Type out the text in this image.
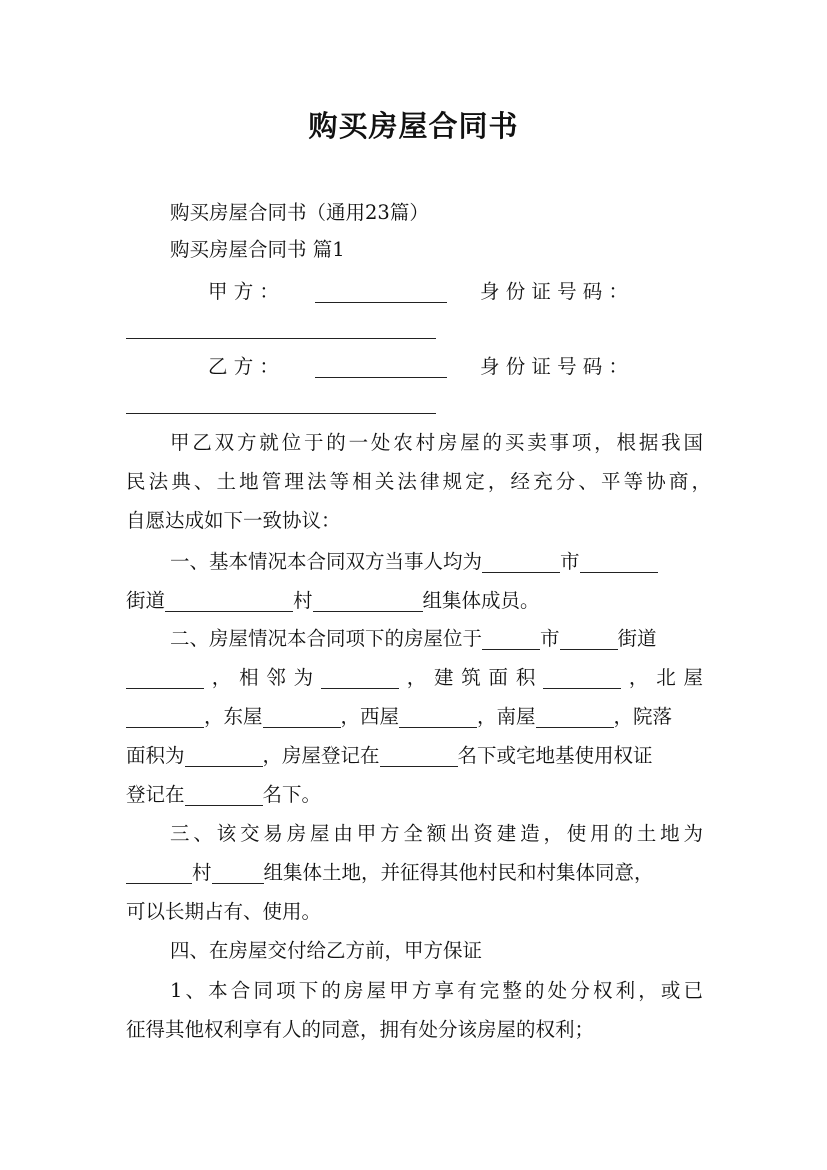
购买房屋合同书
购买房屋合同书（通用23篇）
购买房屋合同书 篇1
甲 方 ：	身 份 证 号 码 ：
乙 方 ：	身 份 证 号 码 ：
甲乙双方就位于的一处农村房屋的买卖事项，根据我国
民法典、土地管理法等相关法律规定，经充分、平等协商，
自愿达成如下一致协议：
一、基本情况本合同双方当事人均为	市
街道	村	组集体成员。
二、房屋情况本合同项下的房屋位于	市	街道
，相邻为	，建筑面积	，北屋
，东屋	，西屋	，南屋	，院落
面积为	，房屋登记在	名下或宅地基使用权证
登记在	名下。
三、该交易房屋由甲方全额出资建造，使用的土地为
村	组集体土地，并征得其他村民和村集体同意，
可以长期占有、使用。
四、在房屋交付给乙方前，甲方保证
1、本合同项下的房屋甲方享有完整的处分权利，或已
征得其他权利享有人的同意，拥有处分该房屋的权利；
